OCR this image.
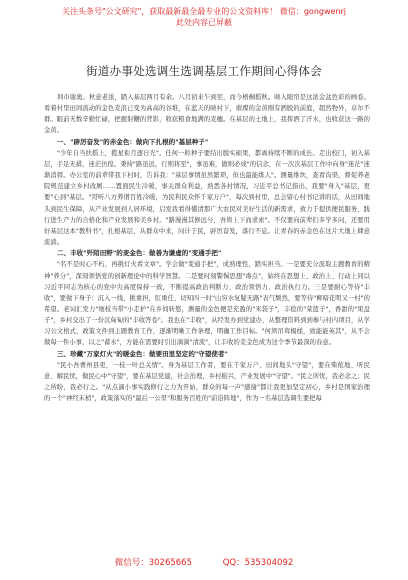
关注头条号"公文研究"，获取最新最全最专业的公文资料库！ 微信：gongwenrj
此处内容已屏蔽
街道办事处选调生选调基层工作期间心得体会

圳市谢奥。秋意老浓，踏入基层两月有余。八月初来乍到至，而今梧桐摇秋。映入眼帘是这浓金盆色彩的画卷。看着村里田间流动的金色麦浪已变为高高的谷堆，在蓝天的映衬下，璀璨的金黄刚有洒脱的前庭，超然物外，卓尔不群。眼前无数辛勤忙碌，把握射鞭的背影，收获粮食地满的麦穗。在基层的土地上，我挥洒了汗水，也收获这一路的金黄。

一、"辟厉奋发"的赤金色：做向下扎根的"基层种子"

"少年自当扶摇上，揽星衔月逐日光"。任何一粒种子要结出脱实硕果，都离持续不断的成长。走出校门，初入基层，手足无措，迷茫彷徨。秉持"路虽远，行则将至"，事虽难，做则必成"的信念，在一次次基层工作中向身"迷茫"迷渐消弭。办公室的前辈带我下村时，告诉我："基层事情虽然繁琐，但也最能练人"。测量维坎，查看沟渠，督促养老院规范建立乡村改厕……置面民生冷暖，事关群众利益，熟悉各村情况，习近平总书记指出，我要"身入"基层，更要"心到"基层。"哥听八方养谱百姓冷暖，为民利民众怀千家万户"，每次到村里，总会留心村书记讲的话，从田间地头到民生保障，从产业发展到人居环境，启发我看得懂清那广大农民对美好生活的新需求，致力于提供便民服务、践行进生产力的合格化和产业发展和美乡村。"路漫漫其修远兮，吾将上下而求索"。不仅要向前辈们多学多问，还要用好基层这本"教科书"，扎根基层，从群众中来，问计于民，辟厉奋发，落行不息。让青春的赤金色在这片大地上肆意流淌。

二、丰收"歼陌田野"的麦金色：做善为谦虚的"变通手把"

"名不是时心不朽，再挑灯火看文章"。学会做"变通手把"，成熟理性，踏实担当。一是要充分汲取主题教育的精神"养分"，深刻领悟党的创新理论中的科学智慧。二是要时刻警惕思想"毒点"，始终在思想上、政治上、行动上同以习近平同志为核心的党中央高度保持一致，不断提高政治判断力、政治领悟力、政治执行力。三是要耐心等待"丰收"，要做下身子：沉入一线，挑重担，肛重任、切知四一时"山穷水复疑无路"表气颓然，要等待"柳暗花明又一村"的希望。老词汇发力"细枝当带"小走护"在乡间转悠，测量的金色便是充盈的"米袋子"，丰稔的"菜篮子"，香甜的"果盘子"，乡村交出了一份沉甸甸的"丰收答卷"。我也在"丰收"，从经发办到党建办，从整理资料到到参与村内项目，从学习公文格式，政策文件到主题教育工作，逐渐明晰工作条理，明确工作目标。"何须吊茸楊揉，致能能英其"，从不会做每一件小事，以之"蓄水"，方能在需要时引出滴滴"清流"，让丰收的麦金色成为这个季节最深的春意。

三、珍藏"万家灯火"的暖金色：做要田里坚定的"守望使者"

"民小吾曹州县吏，一枝一叶总关情"。身为基层工作者，要在千家万户、田间地头"守望"，要在柴侬地、听民意、解民忧，做民心中"守望"，要在基层党建，社会治理，乡村振兴，产业发展中"守望"。"民之所忧，我必念之；民之所盼，我必行之。"从点滴小事实践修行之力为开始，群众的每一声"感谢"都让我更加坚定初心，乡村是国家治理的一个"神经末梢"，政策落实的"最后一公里"和服务百姓的"前沿阵地"，作为一名基层选调生要把每

微信号：30265665	QQ：535304092
